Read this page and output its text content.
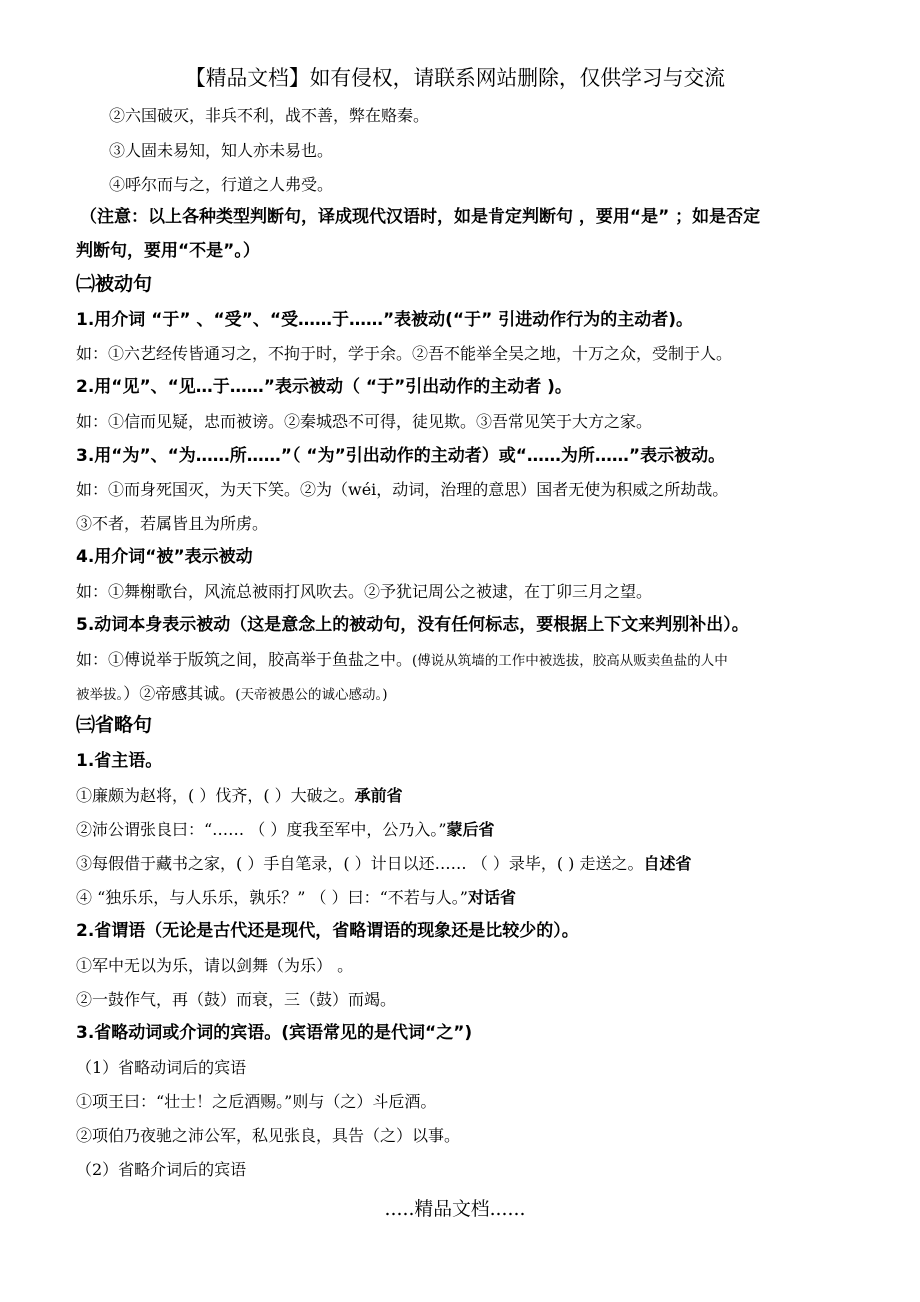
【精品文档】如有侵权，请联系网站删除，仅供学习与交流
②六国破灭，非兵不利，战不善，弊在赂秦。
③人固未易知，知人亦未易也。
④呼尔而与之，行道之人弗受。
（注意：以上各种类型判断句，译成现代汉语时，如是肯定判断句 ，要用“是” ；如是否定
判断句，要用“不是”。）
㈡被动句
1.用介词 “于” 、“受”、“受……于……”表被动(“于” 引进动作行为的主动者)。
如：①六艺经传皆通习之，不拘于时，学于余。②吾不能举全吴之地，十万之众，受制于人。
2.用“见”、“见…于……”表示被动（ “于”引出动作的主动者 )。
如：①信而见疑，忠而被谤。②秦城恐不可得，徒见欺。③吾常见笑于大方之家。
3.用“为”、“为……所……”（ “为”引出动作的主动者）或“……为所……”表示被动。
如：①而身死国灭，为天下笑。②为（wéi，动词，治理的意思）国者无使为积威之所劫哉。
③不者，若属皆且为所虏。
4.用介词“被”表示被动
如：①舞榭歌台，风流总被雨打风吹去。②予犹记周公之被逮，在丁卯三月之望。
5.动词本身表示被动（这是意念上的被动句，没有任何标志，要根据上下文来判别补出）。
如：①傅说举于版筑之间，胶高举于鱼盐之中。(傅说从筑墙的工作中被选拔，胶高从贩卖鱼盐的人中
被举拔。）②帝感其诚。(天帝被愚公的诚心感动。)
㈢省略句
1.省主语。
①廉颇为赵将，( ）伐齐，( ）大破之。承前省
②沛公谓张良曰：“…… （ ）度我至军中，公乃入。”蒙后省
③每假借于藏书之家，( ）手自笔录，( ）计日以还…… （ ）录毕，( ) 走送之。自述省
④ “独乐乐，与人乐乐，孰乐？” （ ）曰：“不若与人。”对话省
2.省谓语（无论是古代还是现代，省略谓语的现象还是比较少的）。
①军中无以为乐，请以剑舞（为乐） 。
②一鼓作气，再（鼓）而衰，三（鼓）而竭。
3.省略动词或介词的宾语。(宾语常见的是代词“之”)
（1）省略动词后的宾语
①项王曰：“壮士！之卮酒赐。”则与（之）斗卮酒。
②项伯乃夜驰之沛公军，私见张良，具告（之）以事。
（2）省略介词后的宾语
.....精品文档......
